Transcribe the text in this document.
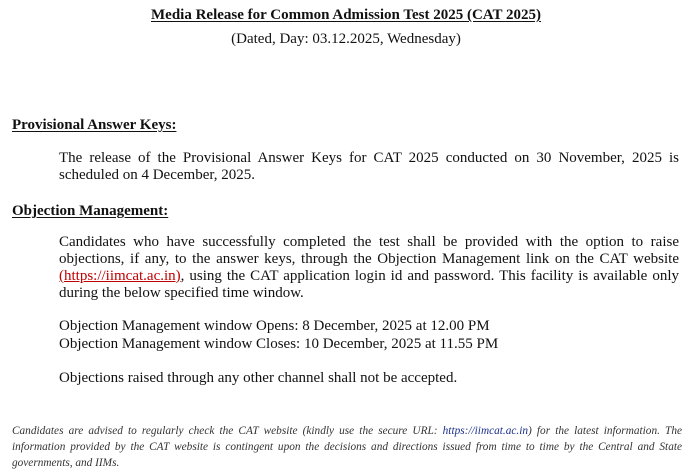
Media Release for Common Admission Test 2025 (CAT 2025)
(Dated, Day: 03.12.2025, Wednesday)
Provisional Answer Keys:
The release of the Provisional Answer Keys for CAT 2025 conducted on 30 November, 2025 is scheduled on 4 December, 2025.
Objection Management:
Candidates who have successfully completed the test shall be provided with the option to raise objections, if any, to the answer keys, through the Objection Management link on the CAT website (https://iimcat.ac.in), using the CAT application login id and password. This facility is available only during the below specified time window.
Objection Management window Opens: 8 December, 2025 at 12.00 PM
Objection Management window Closes: 10 December, 2025 at 11.55 PM
Objections raised through any other channel shall not be accepted.
Candidates are advised to regularly check the CAT website (kindly use the secure URL: https://iimcat.ac.in) for the latest information. The information provided by the CAT website is contingent upon the decisions and directions issued from time to time by the Central and State governments, and IIMs.
